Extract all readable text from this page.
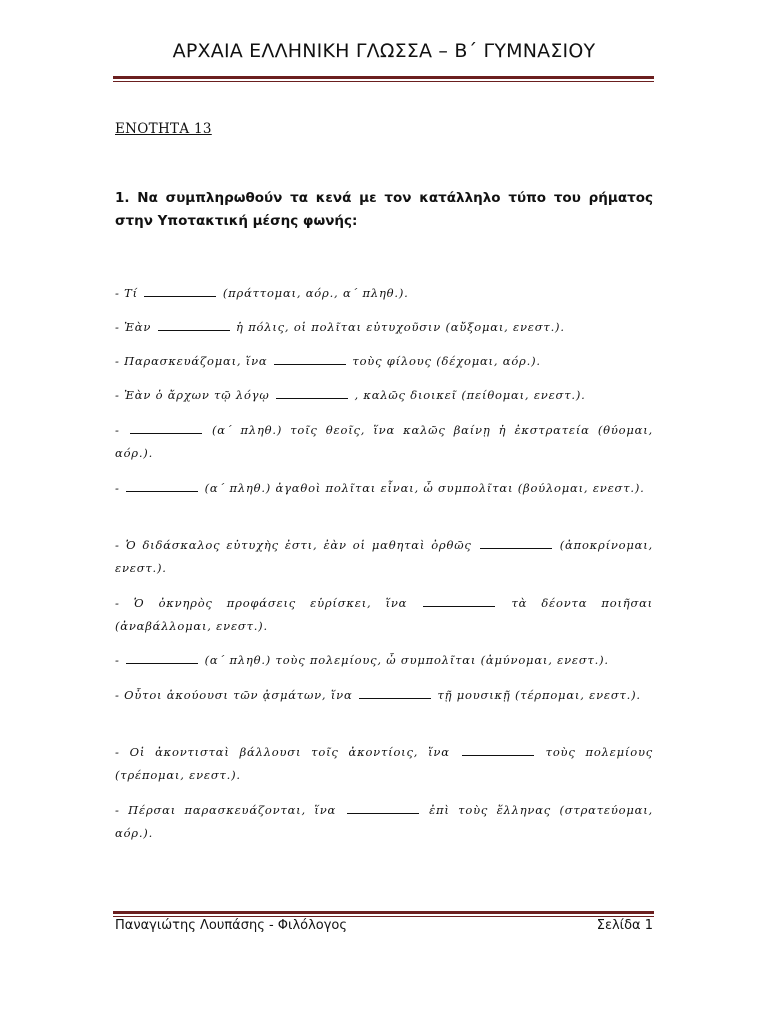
ΑΡΧΑΙΑ ΕΛΛΗΝΙΚΗ ΓΛΩΣΣΑ – Β΄ ΓΥΜΝΑΣΙΟΥ
ΕΝΟΤΗΤΑ 13
1. Να συμπληρωθούν τα κενά με τον κατάλληλο τύπο του ρήματος στην Υποτακτική μέσης φωνής:
- Τί	(πράττομαι, αόρ., α΄ πληθ.).
- Ἐὰν	ἡ πόλις, οἱ πολῖται εὐτυχοῦσιν (αὔξομαι, ενεστ.).
- Παρασκευάζομαι, ἵνα	τοὺς φίλους (δέχομαι, αόρ.).
- Ἐὰν ὁ ἄρχων τῷ λόγῳ	, καλῶς διοικεῖ (πείθομαι, ενεστ.).
-	(α΄ πληθ.) τοῖς θεοῖς, ἵνα καλῶς βαίνῃ ἡ ἐκστρατεία (θύομαι, αόρ.).
-	(α΄ πληθ.) ἀγαθοὶ πολῖται εἶναι, ὦ συμπολῖται (βούλομαι, ενεστ.).
- Ὁ διδάσκαλος εὐτυχὴς ἐστι, ἐὰν οἱ μαθηταὶ ὀρθῶς	(ἀποκρίνομαι, ενεστ.).
- Ὁ ὀκνηρὸς προφάσεις εὑρίσκει, ἵνα	τὰ δέοντα ποιῆσαι (ἀναβάλλομαι, ενεστ.).
-	(α΄ πληθ.) τοὺς πολεμίους, ὦ συμπολῖται (ἀμύνομαι, ενεστ.).
- Οὗτοι ἀκούουσι τῶν ᾀσμάτων, ἵνα	τῇ μουσικῇ (τέρπομαι, ενεστ.).
- Οἱ ἀκοντισταὶ βάλλουσι τοῖς ἀκοντίοις, ἵνα	τοὺς πολεμίους (τρέπομαι, ενεστ.).
- Πέρσαι παρασκευάζονται, ἵνα	ἐπὶ τοὺς ἕλληνας (στρατεύομαι, αόρ.).
Παναγιώτης Λουπάσης - Φιλόλογος	Σελίδα 1
